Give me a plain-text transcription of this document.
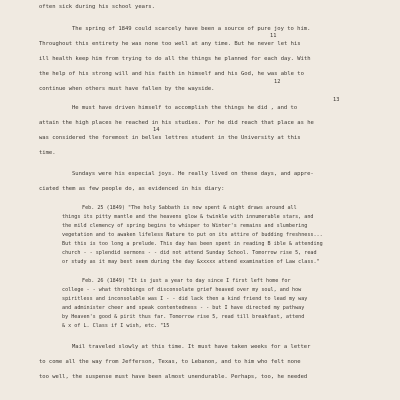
often sick during his school years.
The spring of 1849 could scarcely have been a source of pure joy to him.
11
Throughout this entirety he was none too well at any time. But he never let his
ill health keep him from trying to do all the things he planned for each day. With
the help of his strong will and his faith in himself and his God, he was able to
12
continue when others must have fallen by the wayside.
13
He must have driven himself to accomplish the things he did , and to
attain the high places he reached in his studies. For he did reach that place as he
14
was considered the foremost in belles lettres student in the University at this
time.
Sundays were his especial joys. He really lived on these days, and appre-
ciated them as few people do, as evidenced in his diary:
Feb. 25 (1849) "The holy Sabbath is now spent & night draws around all
things its pitty mantle and the heavens glow & twinkle with innumerable stars, and
the mild clemency of spring begins to whisper to Winter's remains and slumbering
vegetation and to awaken lifeless Nature to put on its attire of budding freshness...
But this is too long a prelude. This day has been spent in reading B ible & attending
church - - splendid sermons - - did not attend Sunday School. Tomorrow rise 5, read
or study as it may best seem during the day &xxxxx attend examination of Law class."
Feb. 26 (1849) "It is just a year to day since I first left home for
college - - what throbbings of disconsolate grief heaved over my soul, and how
spiritless and inconsolable was I - - did lack then a kind friend to lead my way
and administer cheer and speak contentedness - - but I have directed my pathway
by Heaven's good & pirit thus far. Tomorrow rise 5, read till breakfast, attend
& x of L. Class if I wish, etc. " 15
Mail traveled slowly at this time. It must have taken weeks for a letter
to come all the way from Jefferson, Texas, to Lebanon, and to him who felt none
too well, the suspense must have been almost unendurable. Perhaps, too, he needed
